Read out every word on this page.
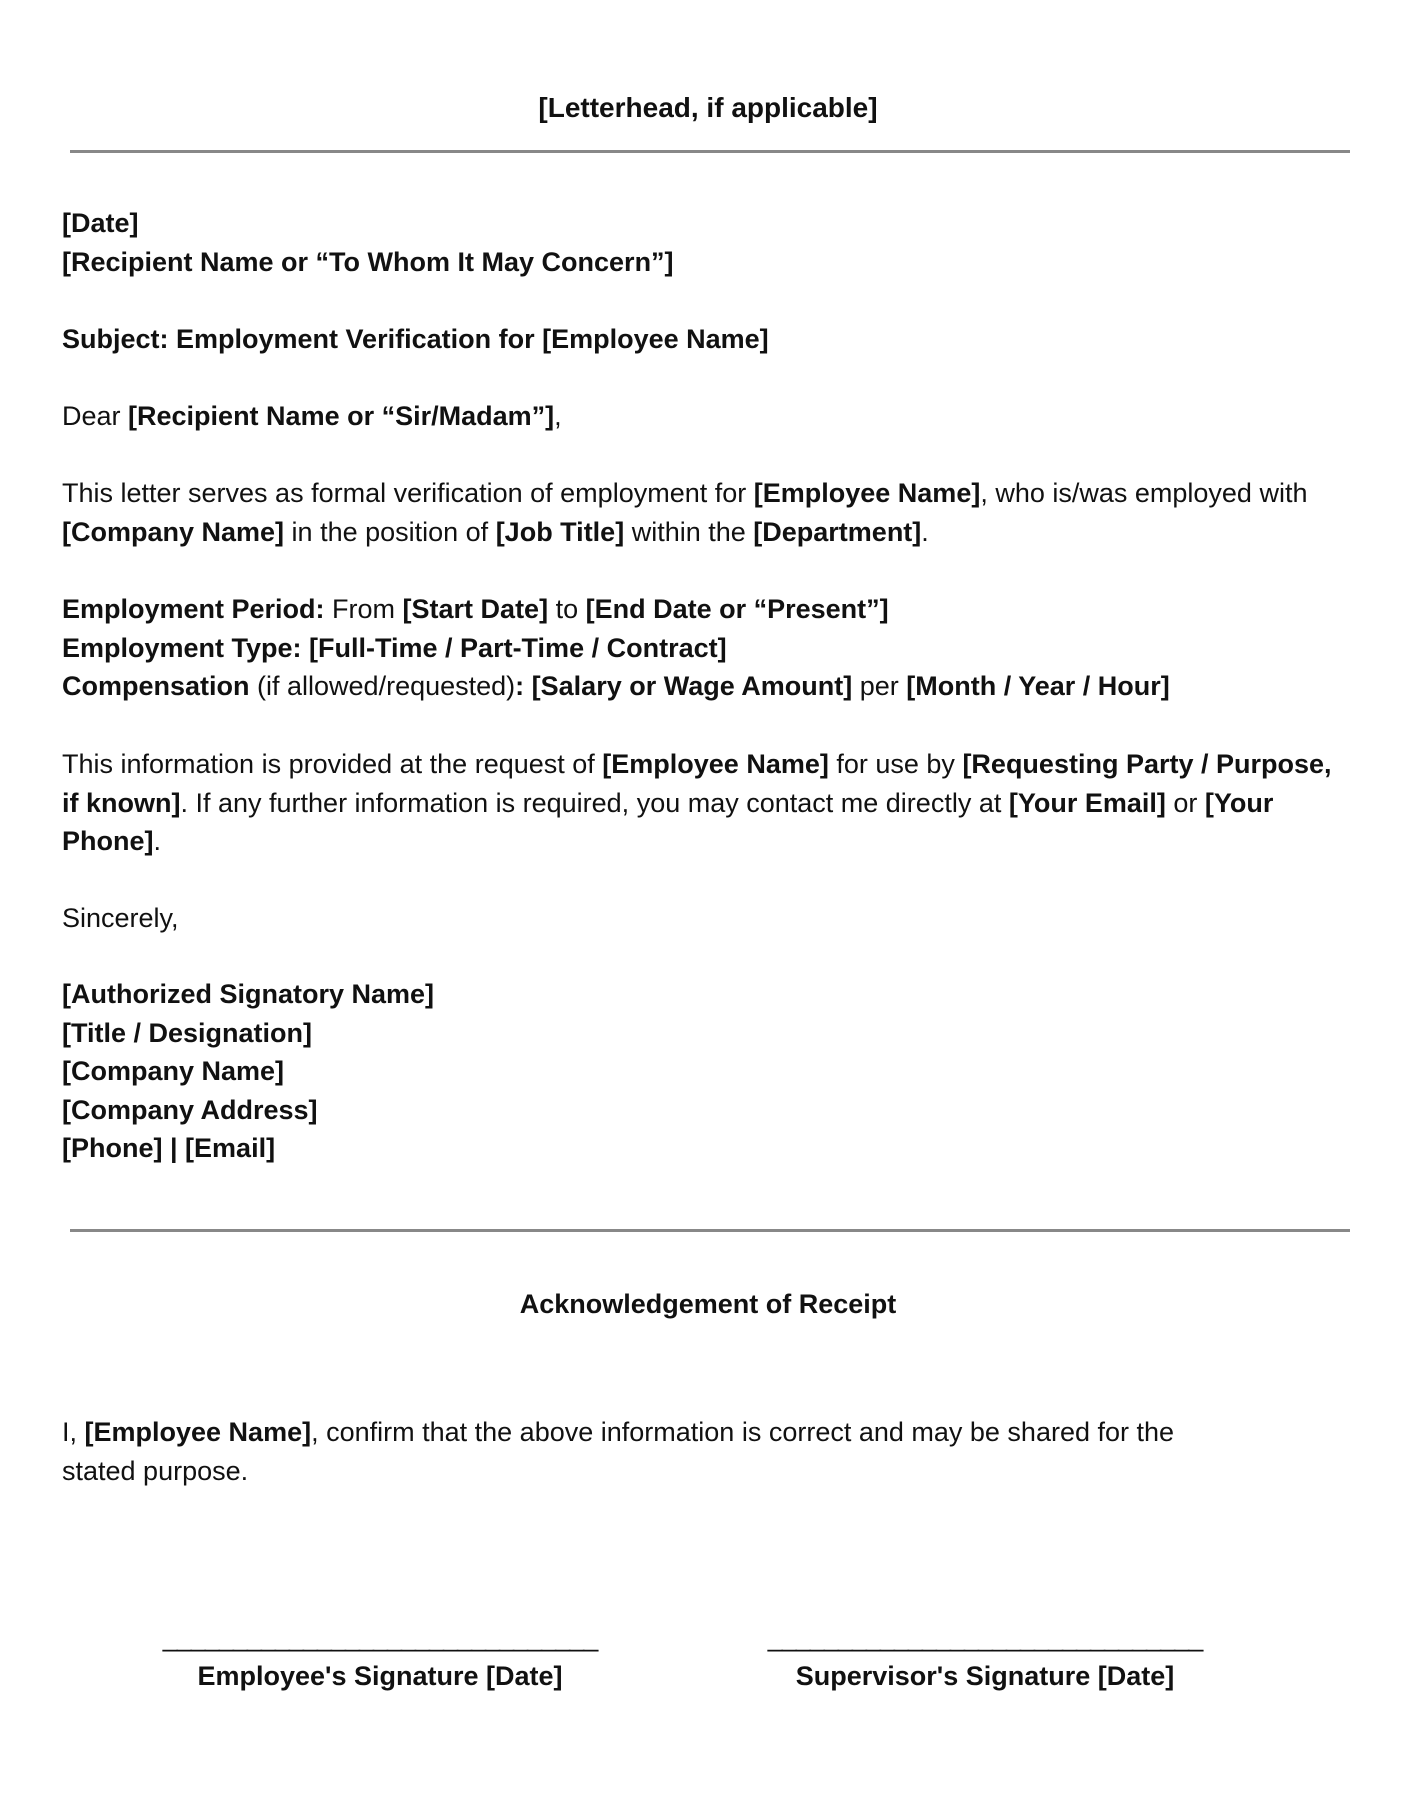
[Letterhead, if applicable]
[Date]
[Recipient Name or “To Whom It May Concern”]
Subject: Employment Verification for [Employee Name]
Dear [Recipient Name or “Sir/Madam”],

This letter serves as formal verification of employment for [Employee Name], who is/was employed with [Company Name] in the position of [Job Title] within the [Department].

Employment Period: From [Start Date] to [End Date or “Present”]
Employment Type: [Full-Time / Part-Time / Contract]
Compensation (if allowed/requested): [Salary or Wage Amount] per [Month / Year / Hour]

This information is provided at the request of [Employee Name] for use by [Requesting Party / Purpose, if known]. If any further information is required, you may contact me directly at [Your Email] or [Your Phone].

Sincerely,
[Authorized Signatory Name]
[Title / Designation]
[Company Name]
[Company Address]
[Phone] | [Email]
Acknowledgement of Receipt
I, [Employee Name], confirm that the above information is correct and may be shared for the stated purpose.
_______________________________
Employee's Signature [Date]
_______________________________
Supervisor's Signature [Date]
